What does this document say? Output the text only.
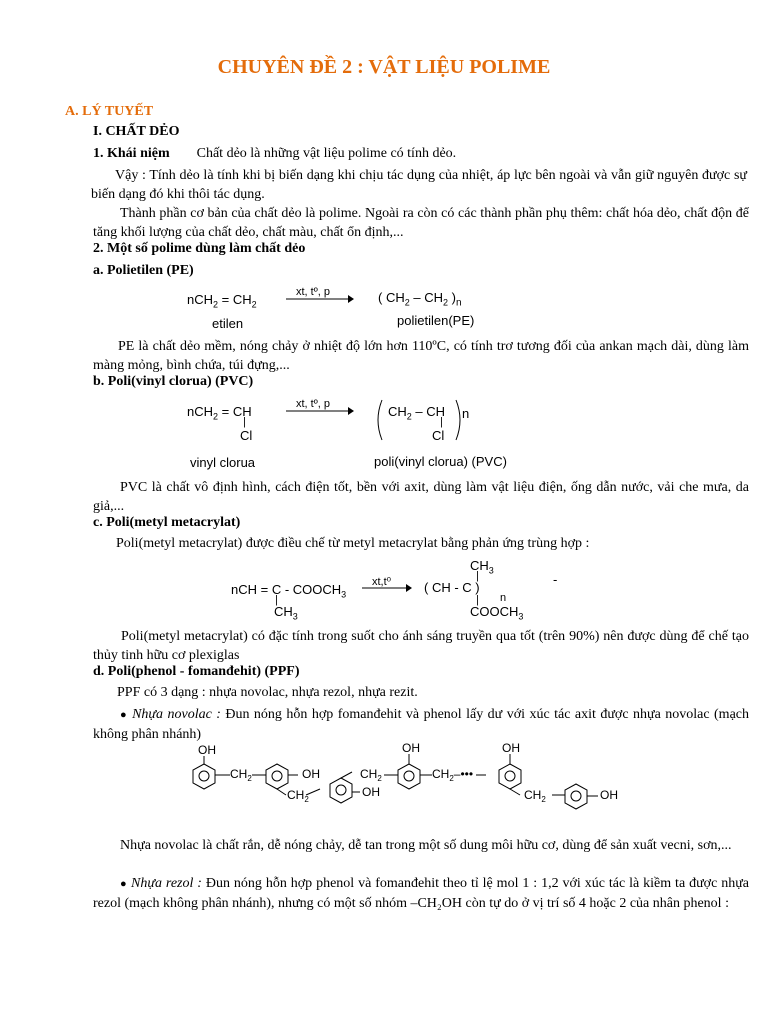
CHUYÊN ĐỀ 2 : VẬT LIỆU POLIME
A. LÝ TUYẾT
I. CHẤT DẺO
1. Khái niệm Chất dẻo là những vật liệu polime có tính dẻo.
Vậy : Tính dẻo là tính khi bị biến dạng khi chịu tác dụng của nhiệt, áp lực bên ngoài và vẫn giữ nguyên được sự biến dạng đó khi thôi tác dụng.
Thành phần cơ bản của chất dẻo là polime. Ngoài ra còn có các thành phần phụ thêm: chất hóa dẻo, chất độn để tăng khối lượng của chất dẻo, chất màu, chất ổn định,...
2. Một số polime dùng làm chất dẻo
a. Polietilen (PE)
$nCH_2 = CH_2$
xt, tº, p	( $CH_2 - CH_2$ )$_n$
etilen	polietilen(PE)
PE là chất dẻo mềm, nóng chảy ở nhiệt độ lớn hơn 110ºC, có tính trơ tương đối của ankan mạch dài, dùng làm màng mỏng, bình chứa, túi đựng,...
b. Poli(vinyl clorua) (PVC)
nCH$_2$ = CH
|
Cl
xt, tº, p	$CH_2$ – CH n
|
Cl
vinyl clorua	poli(vinyl clorua) (PVC)
PVC là chất vô định hình, cách điện tốt, bền với axit, dùng làm vật liệu điện, ống dẫn nước, vải che mưa, da giả,...
c. Poli(metyl metacrylat)
Poli(metyl metacrylat) được điều chế từ metyl metacrylat bằng phản ứng trùng hợp :
nCH = C - $COOCH_3$
|
$CH_3$
xt,t⁰
$CH_3$
|
( CH - C )
n
|
$COOCH_3$
-
Poli(metyl metacrylat) có đặc tính trong suốt cho ánh sáng truyền qua tốt (trên 90%) nên được dùng để chế tạo thủy tinh hữu cơ plexiglas
d. Poli(phenol - fomanđehit) (PPF)
PPF có 3 dạng : nhựa novolac, nhựa rezol, nhựa rezit.
● Nhựa novolac : Đun nóng hỗn hợp fomanđehit và phenol lấy dư với xúc tác axit được nhựa novolac (mạch không phân nhánh)
OH
$CH_2$	OH
$CH_2$
$CH_2$
OH
OH
$CH_2-•••$
OH
$CH_2$	OH
Nhựa novolac là chất rắn, dễ nóng chảy, dễ tan trong một số dung môi hữu cơ, dùng để sản xuất vecni, sơn,...
● Nhựa rezol : Đun nóng hỗn hợp phenol và fomanđehit theo tỉ lệ mol 1 : 1,2 với xúc tác là kiềm ta được nhựa rezol (mạch không phân nhánh), nhưng có một số nhóm –CH₂OH còn tự do ở vị trí số 4 hoặc 2 của nhân phenol :
